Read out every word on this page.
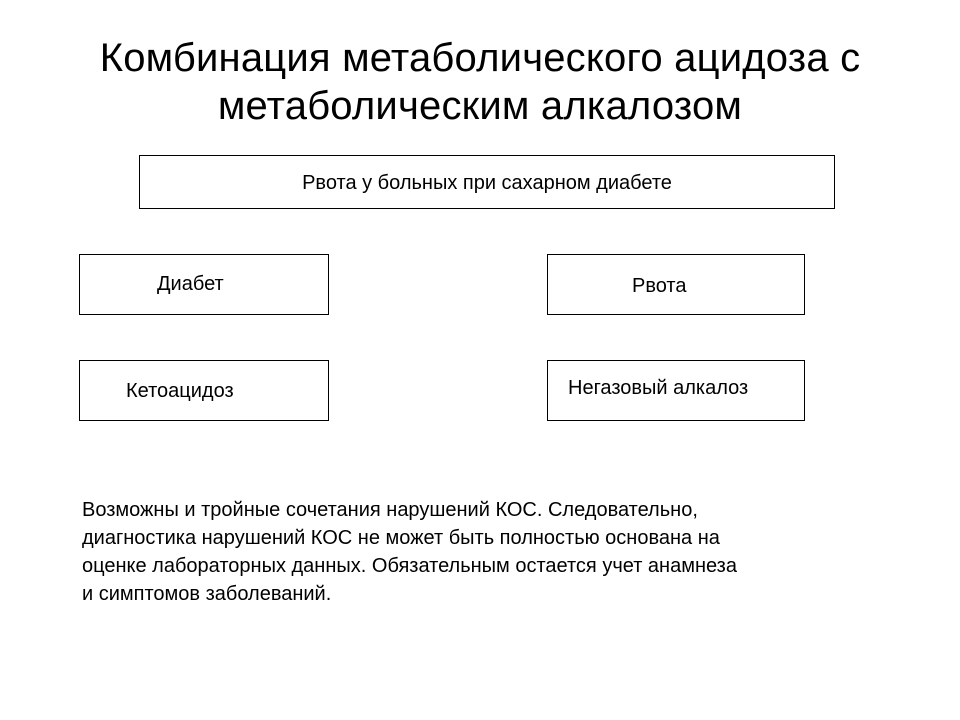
Комбинация метаболического ацидоза с
метаболическим алкалозом
Рвота у больных при сахарном диабете
Диабет	Рвота
Кетоацидоз	Негазовый алкалоз
Возможны и тройные сочетания нарушений КОС. Следовательно,
диагностика нарушений КОС не может быть полностью основана на
оценке лабораторных данных. Обязательным остается учет анамнеза
и симптомов заболеваний.
